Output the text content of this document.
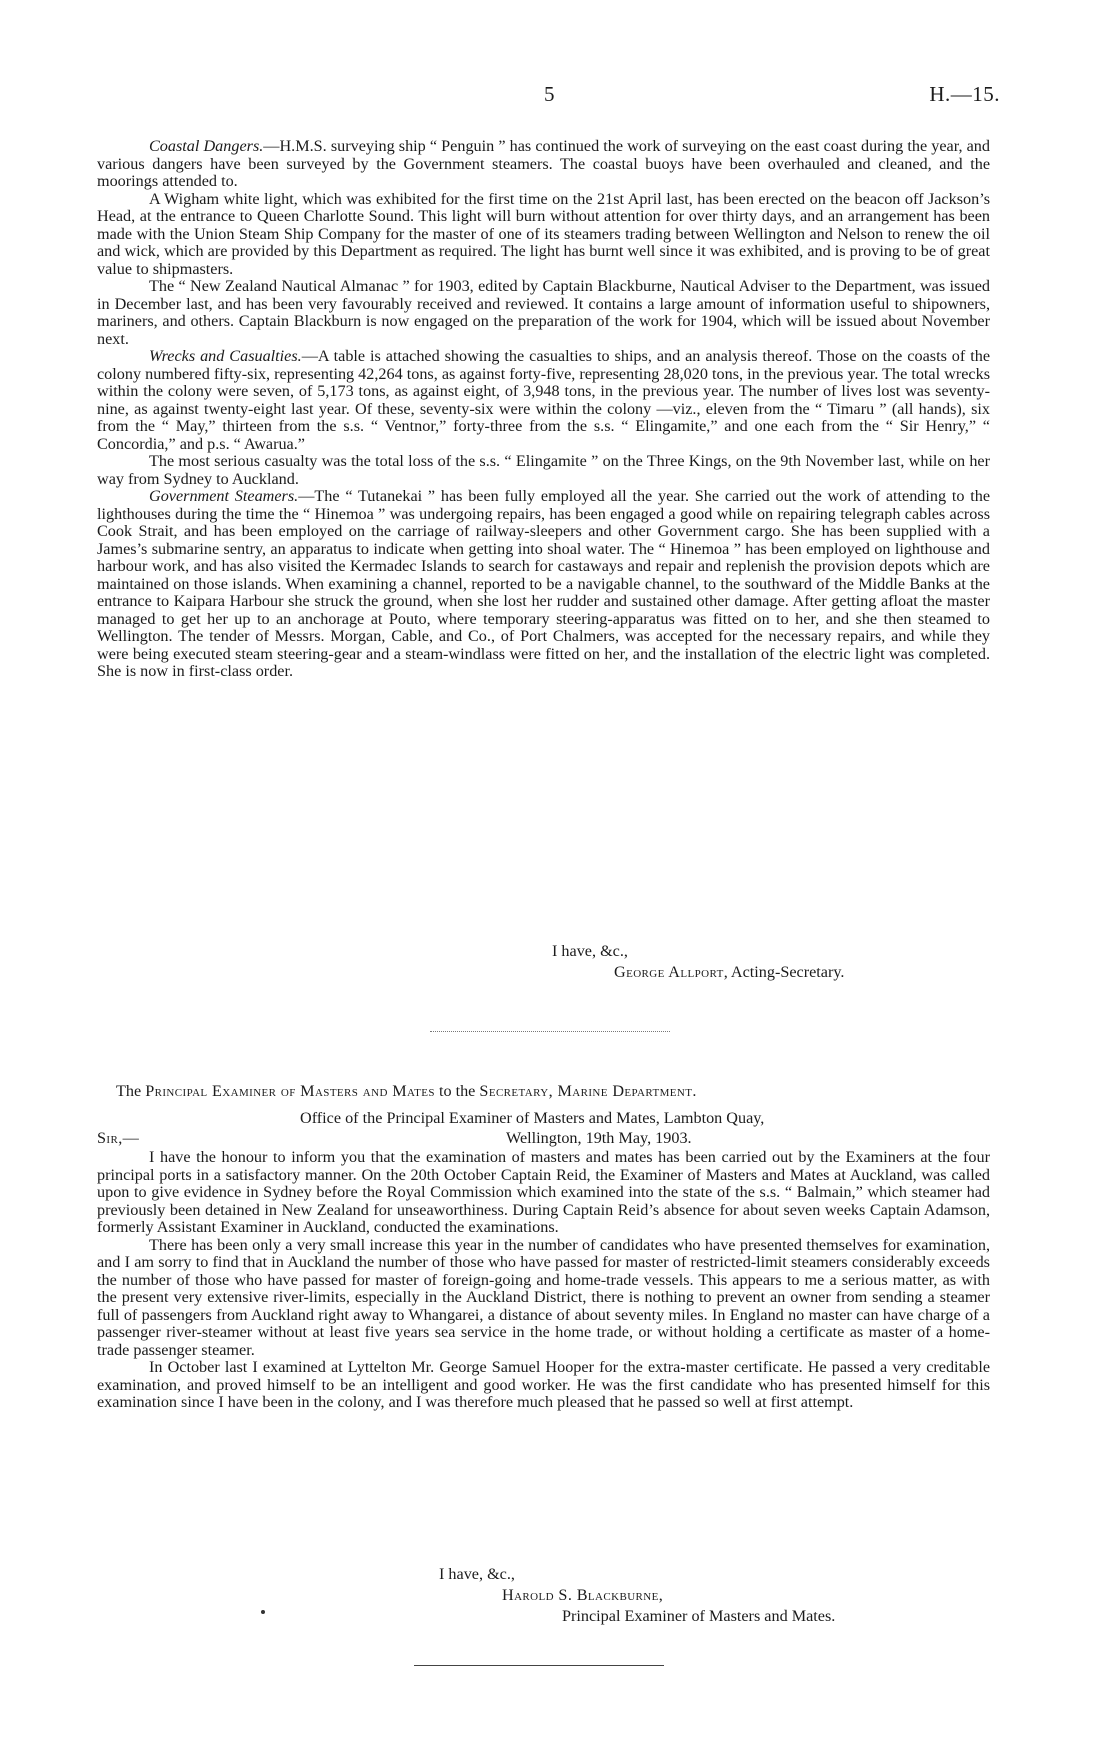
5	H.—15.

Coastal Dangers.—H.M.S. surveying ship “ Penguin ” has continued the work of surveying on the east coast during the year, and various dangers have been surveyed by the Government steamers. The coastal buoys have been overhauled and cleaned, and the moorings attended to.

A Wigham white light, which was exhibited for the first time on the 21st April last, has been erected on the beacon off Jackson’s Head, at the entrance to Queen Charlotte Sound. This light will burn without attention for over thirty days, and an arrangement has been made with the Union Steam Ship Company for the master of one of its steamers trading between Wellington and Nelson to renew the oil and wick, which are provided by this Department as required. The light has burnt well since it was exhibited, and is proving to be of great value to shipmasters.

The “ New Zealand Nautical Almanac ” for 1903, edited by Captain Blackburne, Nautical Adviser to the Department, was issued in December last, and has been very favourably received and reviewed. It contains a large amount of information useful to shipowners, mariners, and others. Captain Blackburn is now engaged on the preparation of the work for 1904, which will be issued about November next.

Wrecks and Casualties.—A table is attached showing the casualties to ships, and an analysis thereof. Those on the coasts of the colony numbered fifty-six, representing 42,264 tons, as against forty-five, representing 28,020 tons, in the previous year. The total wrecks within the colony were seven, of 5,173 tons, as against eight, of 3,948 tons, in the previous year. The number of lives lost was seventy-nine, as against twenty-eight last year. Of these, seventy-six were within the colony —viz., eleven from the “ Timaru ” (all hands), six from the “ May,” thirteen from the s.s. “ Ventnor,” forty-three from the s.s. “ Elingamite,” and one each from the “ Sir Henry,” “ Concordia,” and p.s. “ Awarua.”

The most serious casualty was the total loss of the s.s. “ Elingamite ” on the Three Kings, on the 9th November last, while on her way from Sydney to Auckland.

Government Steamers.—The “ Tutanekai ” has been fully employed all the year. She carried out the work of attending to the lighthouses during the time the “ Hinemoa ” was undergoing repairs, has been engaged a good while on repairing telegraph cables across Cook Strait, and has been employed on the carriage of railway-sleepers and other Government cargo. She has been supplied with a James’s submarine sentry, an apparatus to indicate when getting into shoal water. The “ Hinemoa ” has been employed on lighthouse and harbour work, and has also visited the Kermadec Islands to search for castaways and repair and replenish the provision depots which are maintained on those islands. When examining a channel, reported to be a navigable channel, to the southward of the Middle Banks at the entrance to Kaipara Harbour she struck the ground, when she lost her rudder and sustained other damage. After getting afloat the master managed to get her up to an anchorage at Pouto, where temporary steering-apparatus was fitted on to her, and she then steamed to Wellington. The tender of Messrs. Morgan, Cable, and Co., of Port Chalmers, was accepted for the necessary repairs, and while they were being executed steam steering-gear and a steam-windlass were fitted on her, and the installation of the electric light was completed. She is now in first-class order.

I have, &c.,
George Allport, Acting-Secretary.
The Principal Examiner of Masters and Mates to the Secretary, Marine Department.
Office of the Principal Examiner of Masters and Mates, Lambton Quay,
Sir,—	Wellington, 19th May, 1903.

I have the honour to inform you that the examination of masters and mates has been carried out by the Examiners at the four principal ports in a satisfactory manner. On the 20th October Captain Reid, the Examiner of Masters and Mates at Auckland, was called upon to give evidence in Sydney before the Royal Commission which examined into the state of the s.s. “ Balmain,” which steamer had previously been detained in New Zealand for unseaworthiness. During Captain Reid’s absence for about seven weeks Captain Adamson, formerly Assistant Examiner in Auckland, conducted the examinations.

There has been only a very small increase this year in the number of candidates who have presented themselves for examination, and I am sorry to find that in Auckland the number of those who have passed for master of restricted-limit steamers considerably exceeds the number of those who have passed for master of foreign-going and home-trade vessels. This appears to me a serious matter, as with the present very extensive river-limits, especially in the Auckland District, there is nothing to prevent an owner from sending a steamer full of passengers from Auckland right away to Whangarei, a distance of about seventy miles. In England no master can have charge of a passenger river-steamer without at least five years sea service in the home trade, or without holding a certificate as master of a home-trade passenger steamer.

In October last I examined at Lyttelton Mr. George Samuel Hooper for the extra-master certificate. He passed a very creditable examination, and proved himself to be an intelligent and good worker. He was the first candidate who has presented himself for this examination since I have been in the colony, and I was therefore much pleased that he passed so well at first attempt.

I have, &c.,
Harold S. Blackburne,
Principal Examiner of Masters and Mates.
